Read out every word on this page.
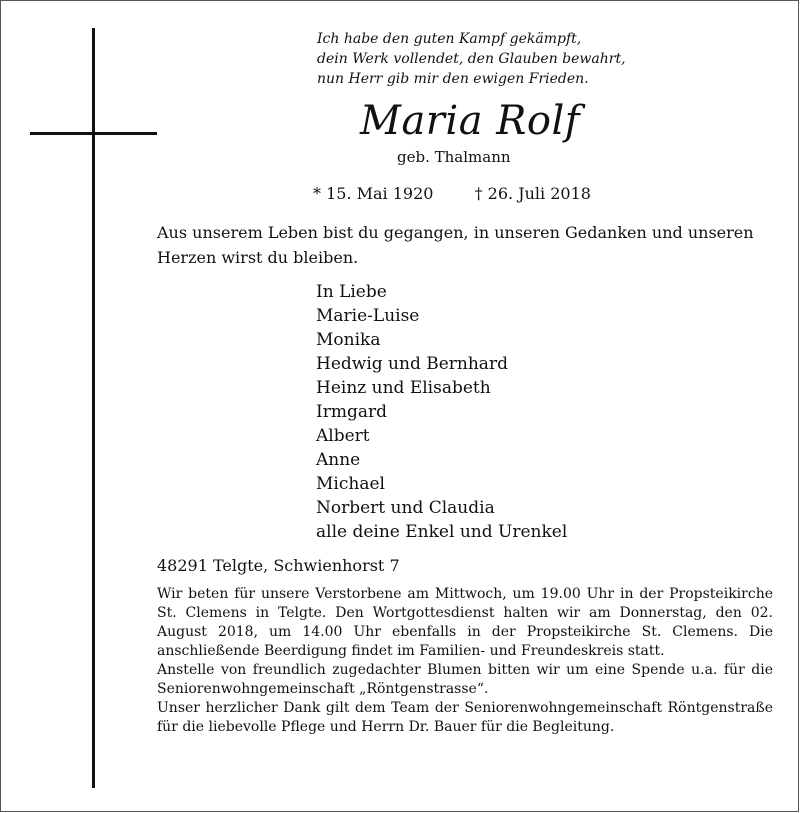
Ich habe den guten Kampf gekämpft,
dein Werk vollendet, den Glauben bewahrt,
nun Herr gib mir den ewigen Frieden.
Maria Rolf
geb. Thalmann
* 15. Mai 1920	† 26. Juli 2018
Aus unserem Leben bist du gegangen, in unseren Gedanken und unseren Herzen wirst du bleiben.
In Liebe
Marie-Luise
Monika
Hedwig und Bernhard
Heinz und Elisabeth
Irmgard
Albert
Anne
Michael
Norbert und Claudia
alle deine Enkel und Urenkel
48291 Telgte, Schwienhorst 7

Wir beten für unsere Verstorbene am Mittwoch, um 19.00 Uhr in der Propsteikirche St. Clemens in Telgte. Den Wortgottesdienst halten wir am Donnerstag, den 02. August 2018, um 14.00 Uhr ebenfalls in der Propsteikirche St. Clemens. Die anschließende Beerdigung findet im Familien- und Freundeskreis statt.

Anstelle von freundlich zugedachter Blumen bitten wir um eine Spende u.a. für die Seniorenwohngemeinschaft „Röntgenstrasse“.

Unser herzlicher Dank gilt dem Team der Seniorenwohngemeinschaft Röntgenstraße für die liebevolle Pflege und Herrn Dr. Bauer für die Begleitung.
